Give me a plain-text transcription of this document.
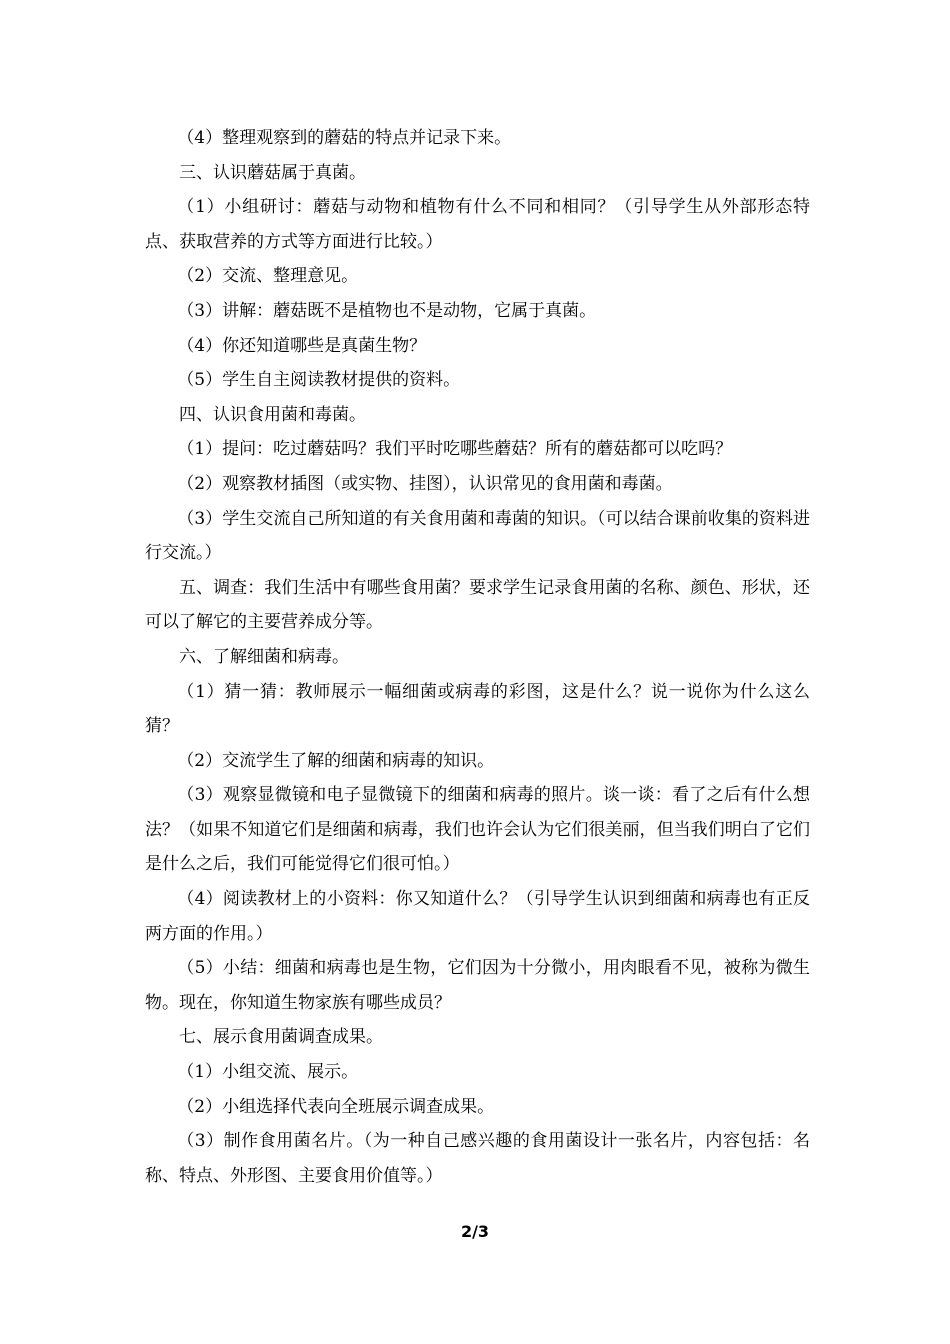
（4）整理观察到的蘑菇的特点并记录下来。

三、认识蘑菇属于真菌。

（1）小组研讨：蘑菇与动物和植物有什么不同和相同？（引导学生从外部形态特点、获取营养的方式等方面进行比较。）

（2）交流、整理意见。

（3）讲解：蘑菇既不是植物也不是动物，它属于真菌。

（4）你还知道哪些是真菌生物？

（5）学生自主阅读教材提供的资料。

四、认识食用菌和毒菌。

（1）提问：吃过蘑菇吗？我们平时吃哪些蘑菇？所有的蘑菇都可以吃吗？

（2）观察教材插图（或实物、挂图），认识常见的食用菌和毒菌。

（3）学生交流自己所知道的有关食用菌和毒菌的知识。（可以结合课前收集的资料进行交流。）

五、调查：我们生活中有哪些食用菌？要求学生记录食用菌的名称、颜色、形状，还可以了解它的主要营养成分等。

六、了解细菌和病毒。

（1）猜一猜：教师展示一幅细菌或病毒的彩图，这是什么？说一说你为什么这么猜？

（2）交流学生了解的细菌和病毒的知识。

（3）观察显微镜和电子显微镜下的细菌和病毒的照片。谈一谈：看了之后有什么想法？（如果不知道它们是细菌和病毒，我们也许会认为它们很美丽，但当我们明白了它们是什么之后，我们可能觉得它们很可怕。）

（4）阅读教材上的小资料：你又知道什么？（引导学生认识到细菌和病毒也有正反两方面的作用。）

（5）小结：细菌和病毒也是生物，它们因为十分微小，用肉眼看不见，被称为微生物。现在，你知道生物家族有哪些成员？

七、展示食用菌调查成果。

（1）小组交流、展示。

（2）小组选择代表向全班展示调查成果。

（3）制作食用菌名片。（为一种自己感兴趣的食用菌设计一张名片，内容包括：名称、特点、外形图、主要食用价值等。）

2/3
